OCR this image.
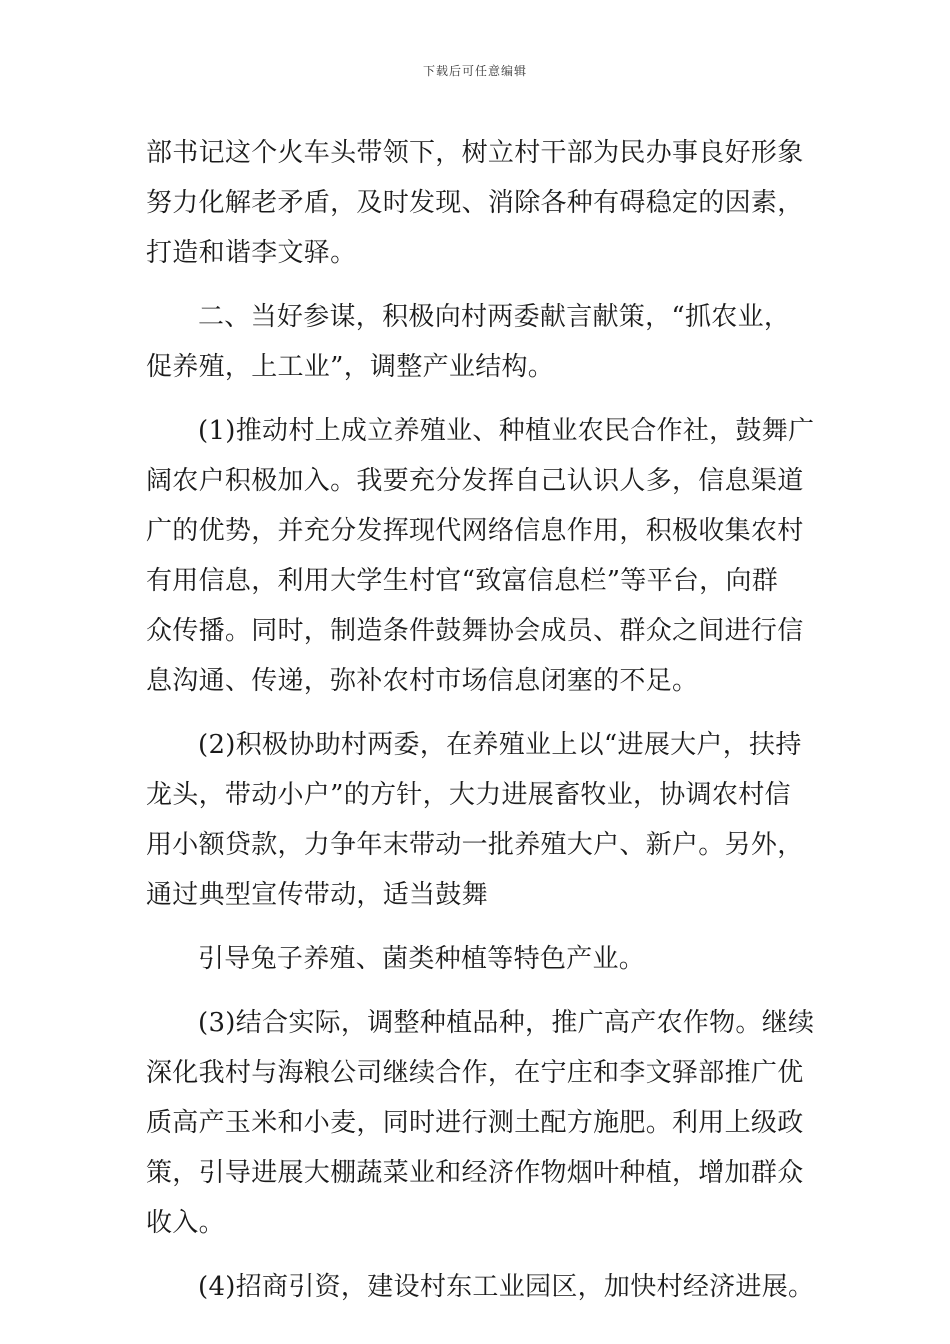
下载后可任意编辑
部书记这个火车头带领下，树立村干部为民办事良好形象
努力化解老矛盾，及时发现、消除各种有碍稳定的因素，
打造和谐李文驿。
二、当好参谋，积极向村两委献言献策，“抓农业，
促养殖，上工业”，调整产业结构。
(1)推动村上成立养殖业、种植业农民合作社，鼓舞广
阔农户积极加入。我要充分发挥自己认识人多，信息渠道
广的优势，并充分发挥现代网络信息作用，积极收集农村
有用信息，利用大学生村官“致富信息栏”等平台，向群
众传播。同时，制造条件鼓舞协会成员、群众之间进行信
息沟通、传递，弥补农村市场信息闭塞的不足。
(2)积极协助村两委，在养殖业上以“进展大户，扶持
龙头，带动小户”的方针，大力进展畜牧业，协调农村信
用小额贷款，力争年末带动一批养殖大户、新户。另外，
通过典型宣传带动，适当鼓舞
引导兔子养殖、菌类种植等特色产业。
(3)结合实际，调整种植品种，推广高产农作物。继续
深化我村与海粮公司继续合作，在宁庄和李文驿部推广优
质高产玉米和小麦，同时进行测土配方施肥。利用上级政
策，引导进展大棚蔬菜业和经济作物烟叶种植，增加群众
收入。
(4)招商引资，建设村东工业园区，加快村经济进展。
